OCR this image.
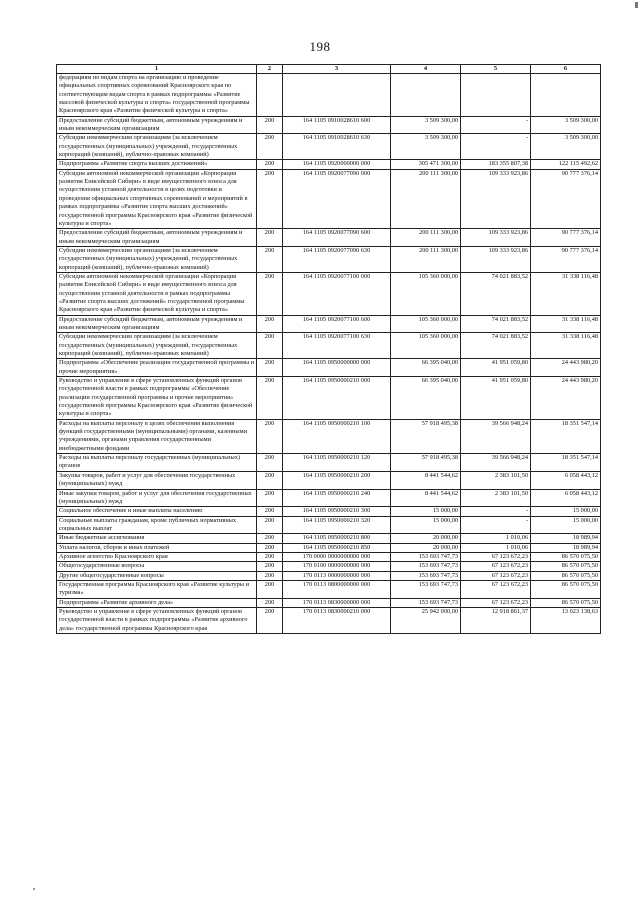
198
1	2	3	4	5	6
федерациям по видам спорта на организацию и проведение официальных спортивных соревнований Красноярского края по соответствующим видам спорта в рамках подпрограммы «Развитие массовой физической культуры и спорта» государственной программы Красноярского края «Развитие физической культуры и спорта»					
Предоставление субсидий бюджетным, автономным учреждениям и иным некоммерческим организациям	200	164 1105 0910028610 600	3 509 300,00	-	3 509 300,00
Субсидии некоммерческим организациям (за исключением государственных (муниципальных) учреждений, государственных корпораций (компаний), публично-правовых компаний)	200	164 1105 0910028610 630	3 509 300,00	-	3 509 300,00
Подпрограмма «Развитие спорта высших достижений»	200	164 1105 0920000000 000	305 471 300,00	183 355 807,38	122 115 492,62
Субсидия автономной некоммерческой организации «Корпорация развития Енисейской Сибири» в виде имущественного взноса для осуществления уставной деятельности в целях подготовки и проведения официальных спортивных соревнований и мероприятий в рамках подпрограммы «Развитие спорта высших достижений» государственной программы Красноярского края «Развитие физической культуры и спорта»	200	164 1105 0920077090 000	200 111 300,00	109 333 923,86	90 777 376,14
Предоставление субсидий бюджетным, автономным учреждениям и иным некоммерческим организациям	200	164 1105 0920077090 600	200 111 300,00	109 333 923,86	90 777 376,14
Субсидии некоммерческим организациям (за исключением государственных (муниципальных) учреждений, государственных корпораций (компаний), публично-правовых компаний)	200	164 1105 0920077090 630	200 111 300,00	109 333 923,86	90 777 376,14
Субсидия автономной некоммерческой организации «Корпорация развития Енисейской Сибири» в виде имущественного взноса для осуществления уставной деятельности в рамках подпрограммы «Развитие спорта высших достижений» государственной программы Красноярского края «Развитие физической культуры и спорта»	200	164 1105 0920077100 000	105 360 000,00	74 021 883,52	31 338 116,48
Предоставление субсидий бюджетным, автономным учреждениям и иным некоммерческим организациям	200	164 1105 0920077100 600	105 360 000,00	74 021 883,52	31 338 116,48
Субсидии некоммерческим организациям (за исключением государственных (муниципальных) учреждений, государственных корпораций (компаний), публично-правовых компаний)	200	164 1105 0920077100 630	105 360 000,00	74 021 883,52	31 338 116,48
Подпрограмма «Обеспечение реализации государственной программы и прочие мероприятия»	200	164 1105 0950000000 000	66 395 040,00	41 951 059,80	24 443 980,20
Руководство и управление в сфере установленных функций органов государственной власти в рамках подпрограммы «Обеспечение реализации государственной программы и прочие мероприятия» государственной программы Красноярского края «Развитие физической культуры и спорта»	200	164 1105 0950000210 000	66 395 040,00	41 951 059,80	24 443 980,20
Расходы на выплаты персоналу в целях обеспечения выполнения функций государственными (муниципальными) органами, казенными учреждениями, органами управления государственными внебюджетными фондами	200	164 1105 0950000210 100	57 918 495,38	39 566 948,24	18 351 547,14
Расходы на выплаты персоналу государственных (муниципальных) органов	200	164 1105 0950000210 120	57 918 495,38	39 566 948,24	18 351 547,14
Закупка товаров, работ и услуг для обеспечения государственных (муниципальных) нужд	200	164 1105 0950000210 200	8 441 544,62	2 383 101,50	6 058 443,12
Иные закупки товаров, работ и услуг для обеспечения государственных (муниципальных) нужд	200	164 1105 0950000210 240	8 441 544,62	2 383 101,50	6 058 443,12
Социальное обеспечение и иные выплаты населению	200	164 1105 0950000210 300	15 000,00	-	15 000,00
Социальные выплаты гражданам, кроме публичных нормативных социальных выплат	200	164 1105 0950000210 320	15 000,00	-	15 000,00
Иные бюджетные ассигнования	200	164 1105 0950000210 800	20 000,00	1 010,06	18 989,94
Уплата налогов, сборов и иных платежей	200	164 1105 0950000210 850	20 000,00	1 010,06	18 989,94
Архивное агентство Красноярского края	200	170 0000 0000000000 000	153 693 747,73	67 123 672,23	86 570 075,50
Общегосударственные вопросы	200	170 0100 0000000000 000	153 693 747,73	67 123 672,23	86 570 075,50
Другие общегосударственные вопросы	200	170 0113 0000000000 000	153 693 747,73	67 123 672,23	86 570 075,50
Государственная программа Красноярского края «Развитие культуры и туризма»	200	170 0113 0800000000 000	153 693 747,73	67 123 672,23	86 570 075,50
Подпрограмма «Развитие архивного дела»	200	170 0113 0830000000 000	153 693 747,73	67 123 672,23	86 570 075,50
Руководство и управление в сфере установленных функций органов государственной власти в рамках подпрограммы «Развитие архивного дела» государственной программы Красноярского края	200	170 0113 0830000210 000	25 942 000,00	12 918 861,37	13 023 138,63
